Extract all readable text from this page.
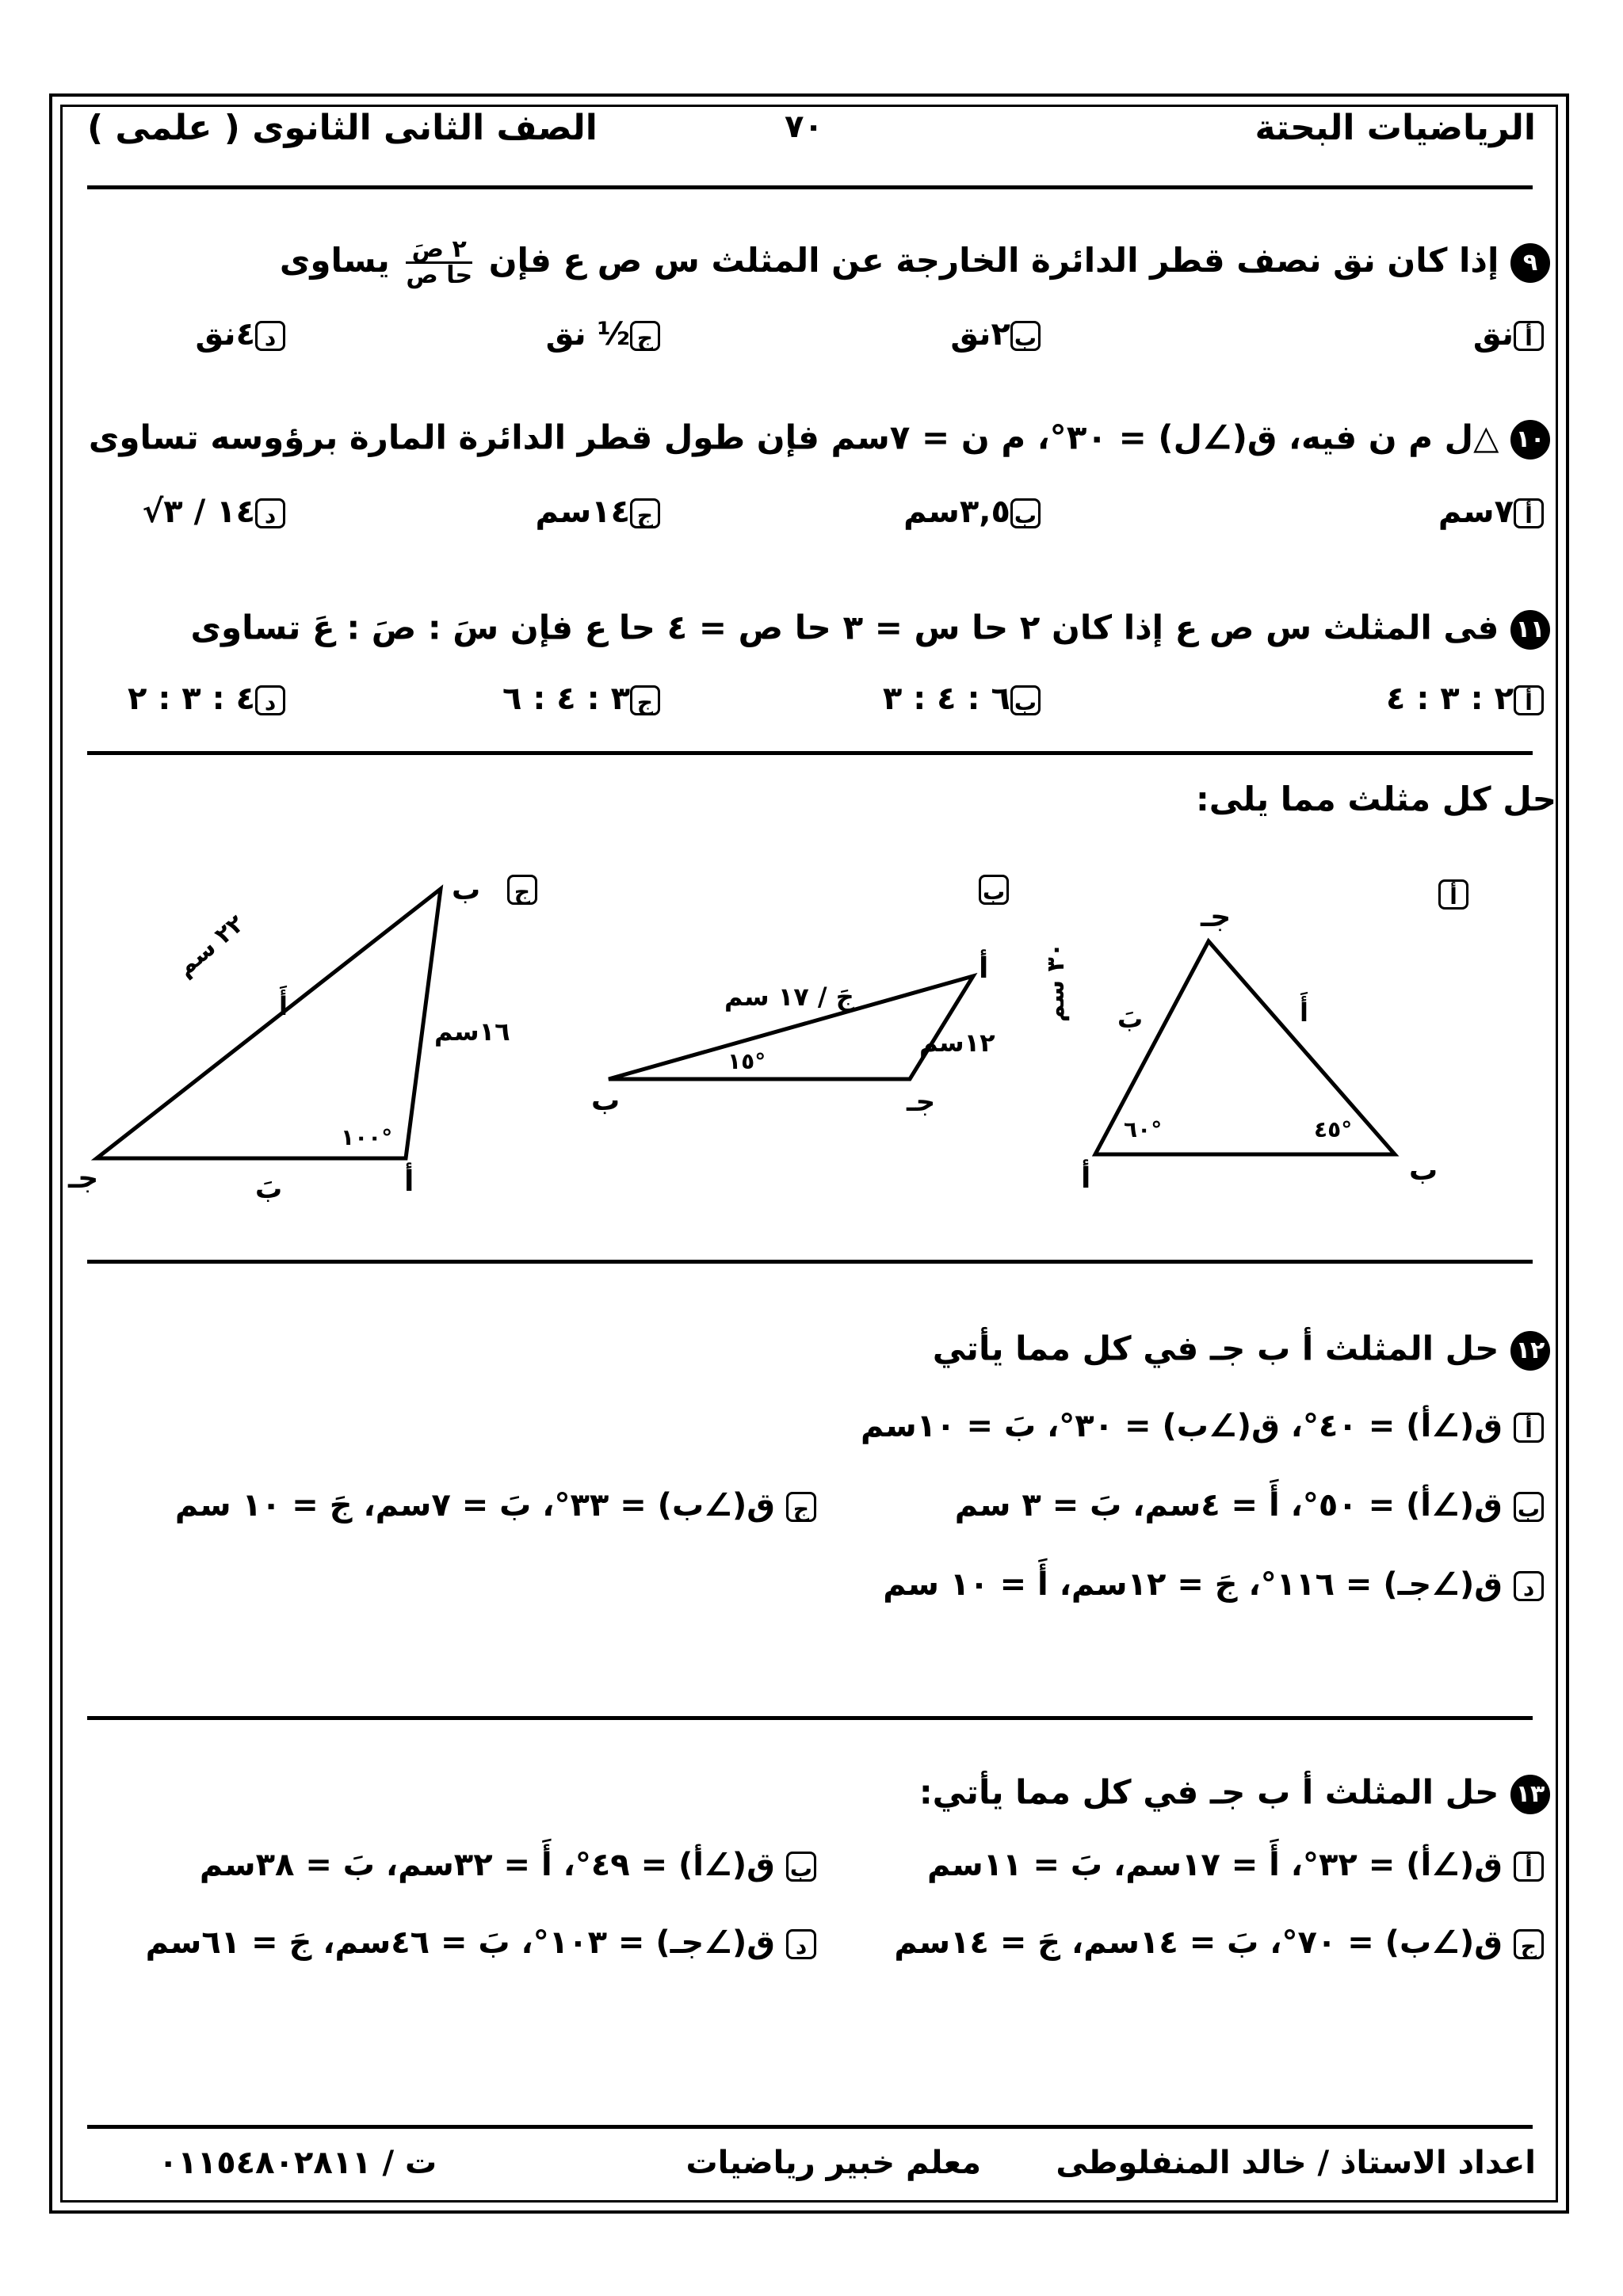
الرياضيات البحتة
٧٠
الصف الثانى الثانوى ( علمى )
٩ إذا كان نق نصف قطر الدائرة الخارجة عن المثلث س ص ع فإن
٢ صَ
حا ص
يساوى
أنق
ب٢نق
ج½ نق
د٤نق
١٠ △ل م ن فيه، ق(∠ل) = ٣٠°، م ن = ٧سم فإن طول قطر الدائرة المارة برؤوسه تساوى
أ٧سم
ب٣,٥سم
ج١٤سم
د١٤ / ٣√
١١ فى المثلث س ص ع إذا كان ٢ حا س = ٣ حا ص = ٤ حا ع فإن سَ : صَ : عَ تساوى
أ٢ : ٣ : ٤
ب٦ : ٤ : ٣
ج٣ : ٤ : ٦
د٤ : ٣ : ٢
حل كل مثلث مما يلى:
أ
جـ
أ	ب
بَ
٣٠ سم
أَ
٦٠°	٤٥°
ب
أ
ب	جـ
جَ / ١٧ سم
١٢سم
١٥°
ج
ب
جـ	أ
أَ
٢٢ سم
١٦سم
بَ
١٠٠°
١٢ حل المثلث أ ب جـ في كل مما يأتي
أ ق(∠أ) = ٤٠°، ق(∠ب) = ٣٠°، بَ = ١٠سم
ب ق(∠أ) = ٥٠°، أَ = ٤سم، بَ = ٣ سم
ج ق(∠ب) = ٣٣°، بَ = ٧سم، جَ = ١٠ سم
د ق(∠جـ) = ١١٦°، جَ = ١٢سم، أَ = ١٠ سم
١٣ حل المثلث أ ب جـ في كل مما يأتي:
أ ق(∠أ) = ٣٢°، أَ = ١٧سم، بَ = ١١سم
ب ق(∠أ) = ٤٩°، أَ = ٣٢سم، بَ = ٣٨سم
ج ق(∠ب) = ٧٠°، بَ = ١٤سم، جَ = ١٤سم
د ق(∠جـ) = ١٠٣°، بَ = ٤٦سم، جَ = ٦١سم
اعداد الاستاذ / خالد المنفلوطى
معلم خبير رياضيات
ت / ٠١١٥٤٨٠٢٨١١
